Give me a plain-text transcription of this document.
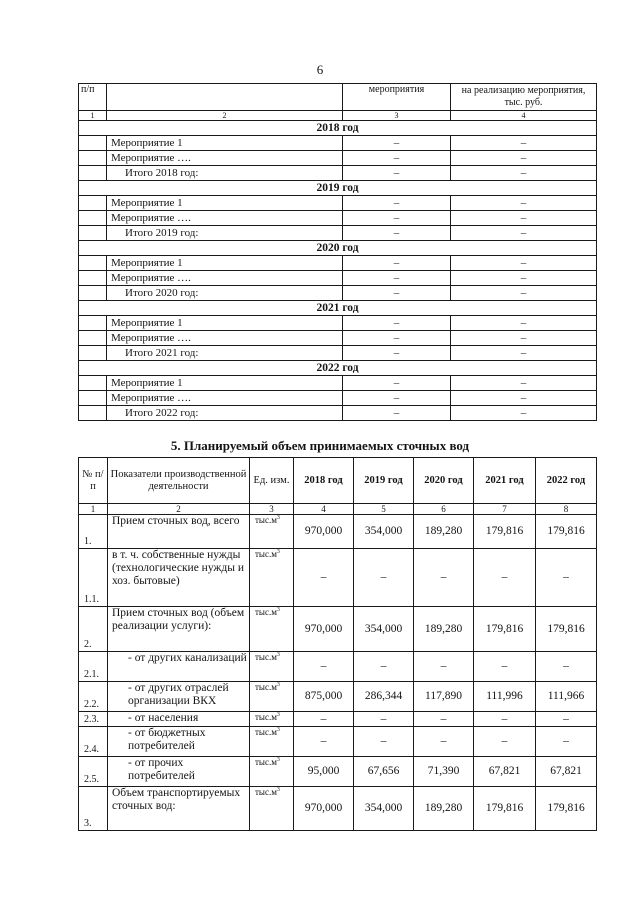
6
п/п		мероприятия	на реализацию мероприятия, тыс. руб.
1	2	3	4
2018 год			
	Мероприятие 1	–	–
	Мероприятие ….	–	–
	Итого 2018 год:	–	–
2019 год			
	Мероприятие 1	–	–
	Мероприятие ….	–	–
	Итого 2019 год:	–	–
2020 год			
	Мероприятие 1	–	–
	Мероприятие ….	–	–
	Итого 2020 год:	–	–
2021 год			
	Мероприятие 1	–	–
	Мероприятие ….	–	–
	Итого 2021 год:	–	–
2022 год			
	Мероприятие 1	–	–
	Мероприятие ….	–	–
	Итого 2022 год:	–	–
5. Планируемый объем принимаемых сточных вод
№ п/п	Показатели производственной деятельности	Ед. изм.	2018 год	2019 год	2020 год	2021 год	2022 год
1	2	3	4	5	6	7	8
1.	Прием сточных вод, всего	$тыс.м^3$	970,000	354,000	189,280	179,816	179,816
1.1.	в т. ч. собственные нужды (технологические нужды и хоз. бытовые)	$тыс.м^3$	–	–	–	–	–
2.	Прием сточных вод (объем реализации услуги):	$тыс.м^3$	970,000	354,000	189,280	179,816	179,816
2.1.	- от других канализаций	$тыс.м^3$	–	–	–	–	–
2.2.	- от других отраслей организации ВКХ	$тыс.м^3$	875,000	286,344	117,890	111,996	111,966
2.3.	- от населения	$тыс.м^3$	–	–	–	–	–
2.4.	- от бюджетных потребителей	$тыс.м^3$	–	–	–	–	–
2.5.	- от прочих потребителей	$тыс.м^3$	95,000	67,656	71,390	67,821	67,821
3.	Объем транспортируемых сточных вод:	$тыс.м^3$	970,000	354,000	189,280	179,816	179,816
